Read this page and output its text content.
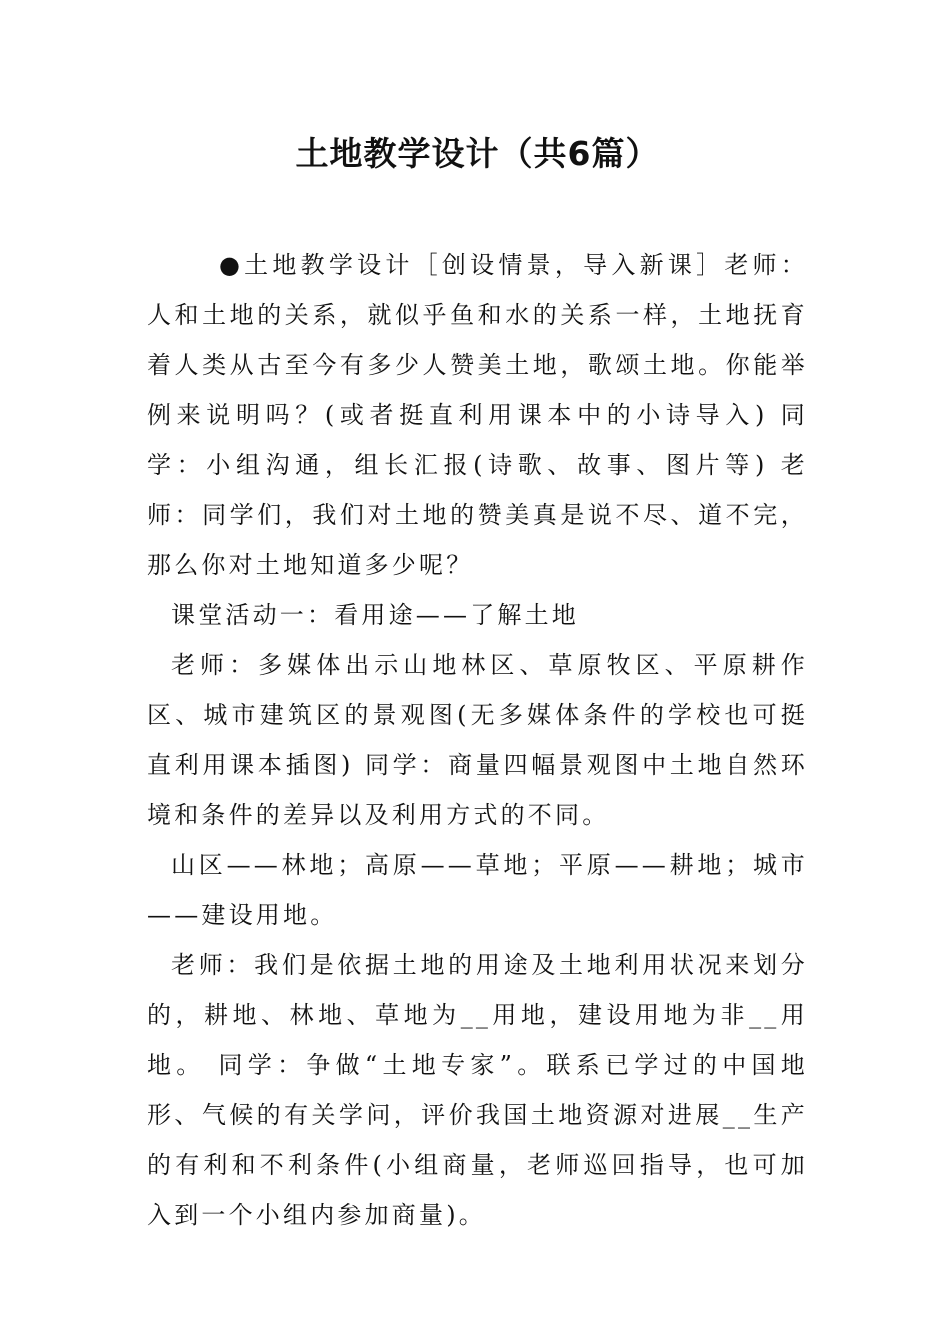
土地教学设计（共6篇）

●土地教学设计［创设情景，导入新课］老师：人和土地的关系，就似乎鱼和水的关系一样，土地抚育着人类从古至今有多少人赞美土地，歌颂土地。你能举例来说明吗？(或者挺直利用课本中的小诗导入) 同学：小组沟通，组长汇报(诗歌、故事、图片等) 老师：同学们，我们对土地的赞美真是说不尽、道不完，那么你对土地知道多少呢？

课堂活动一：看用途——了解土地

老师：多媒体出示山地林区、草原牧区、平原耕作区、城市建筑区的景观图(无多媒体条件的学校也可挺直利用课本插图) 同学：商量四幅景观图中土地自然环境和条件的差异以及利用方式的不同。

山区——林地；高原——草地；平原——耕地；城市——建设用地。

老师：我们是依据土地的用途及土地利用状况来划分的，耕地、林地、草地为__用地，建设用地为非__用地。 同学：争做“土地专家”。联系已学过的中国地形、气候的有关学问，评价我国土地资源对进展__生产的有利和不利条件(小组商量，老师巡回指导，也可加入到一个小组内参加商量)。
